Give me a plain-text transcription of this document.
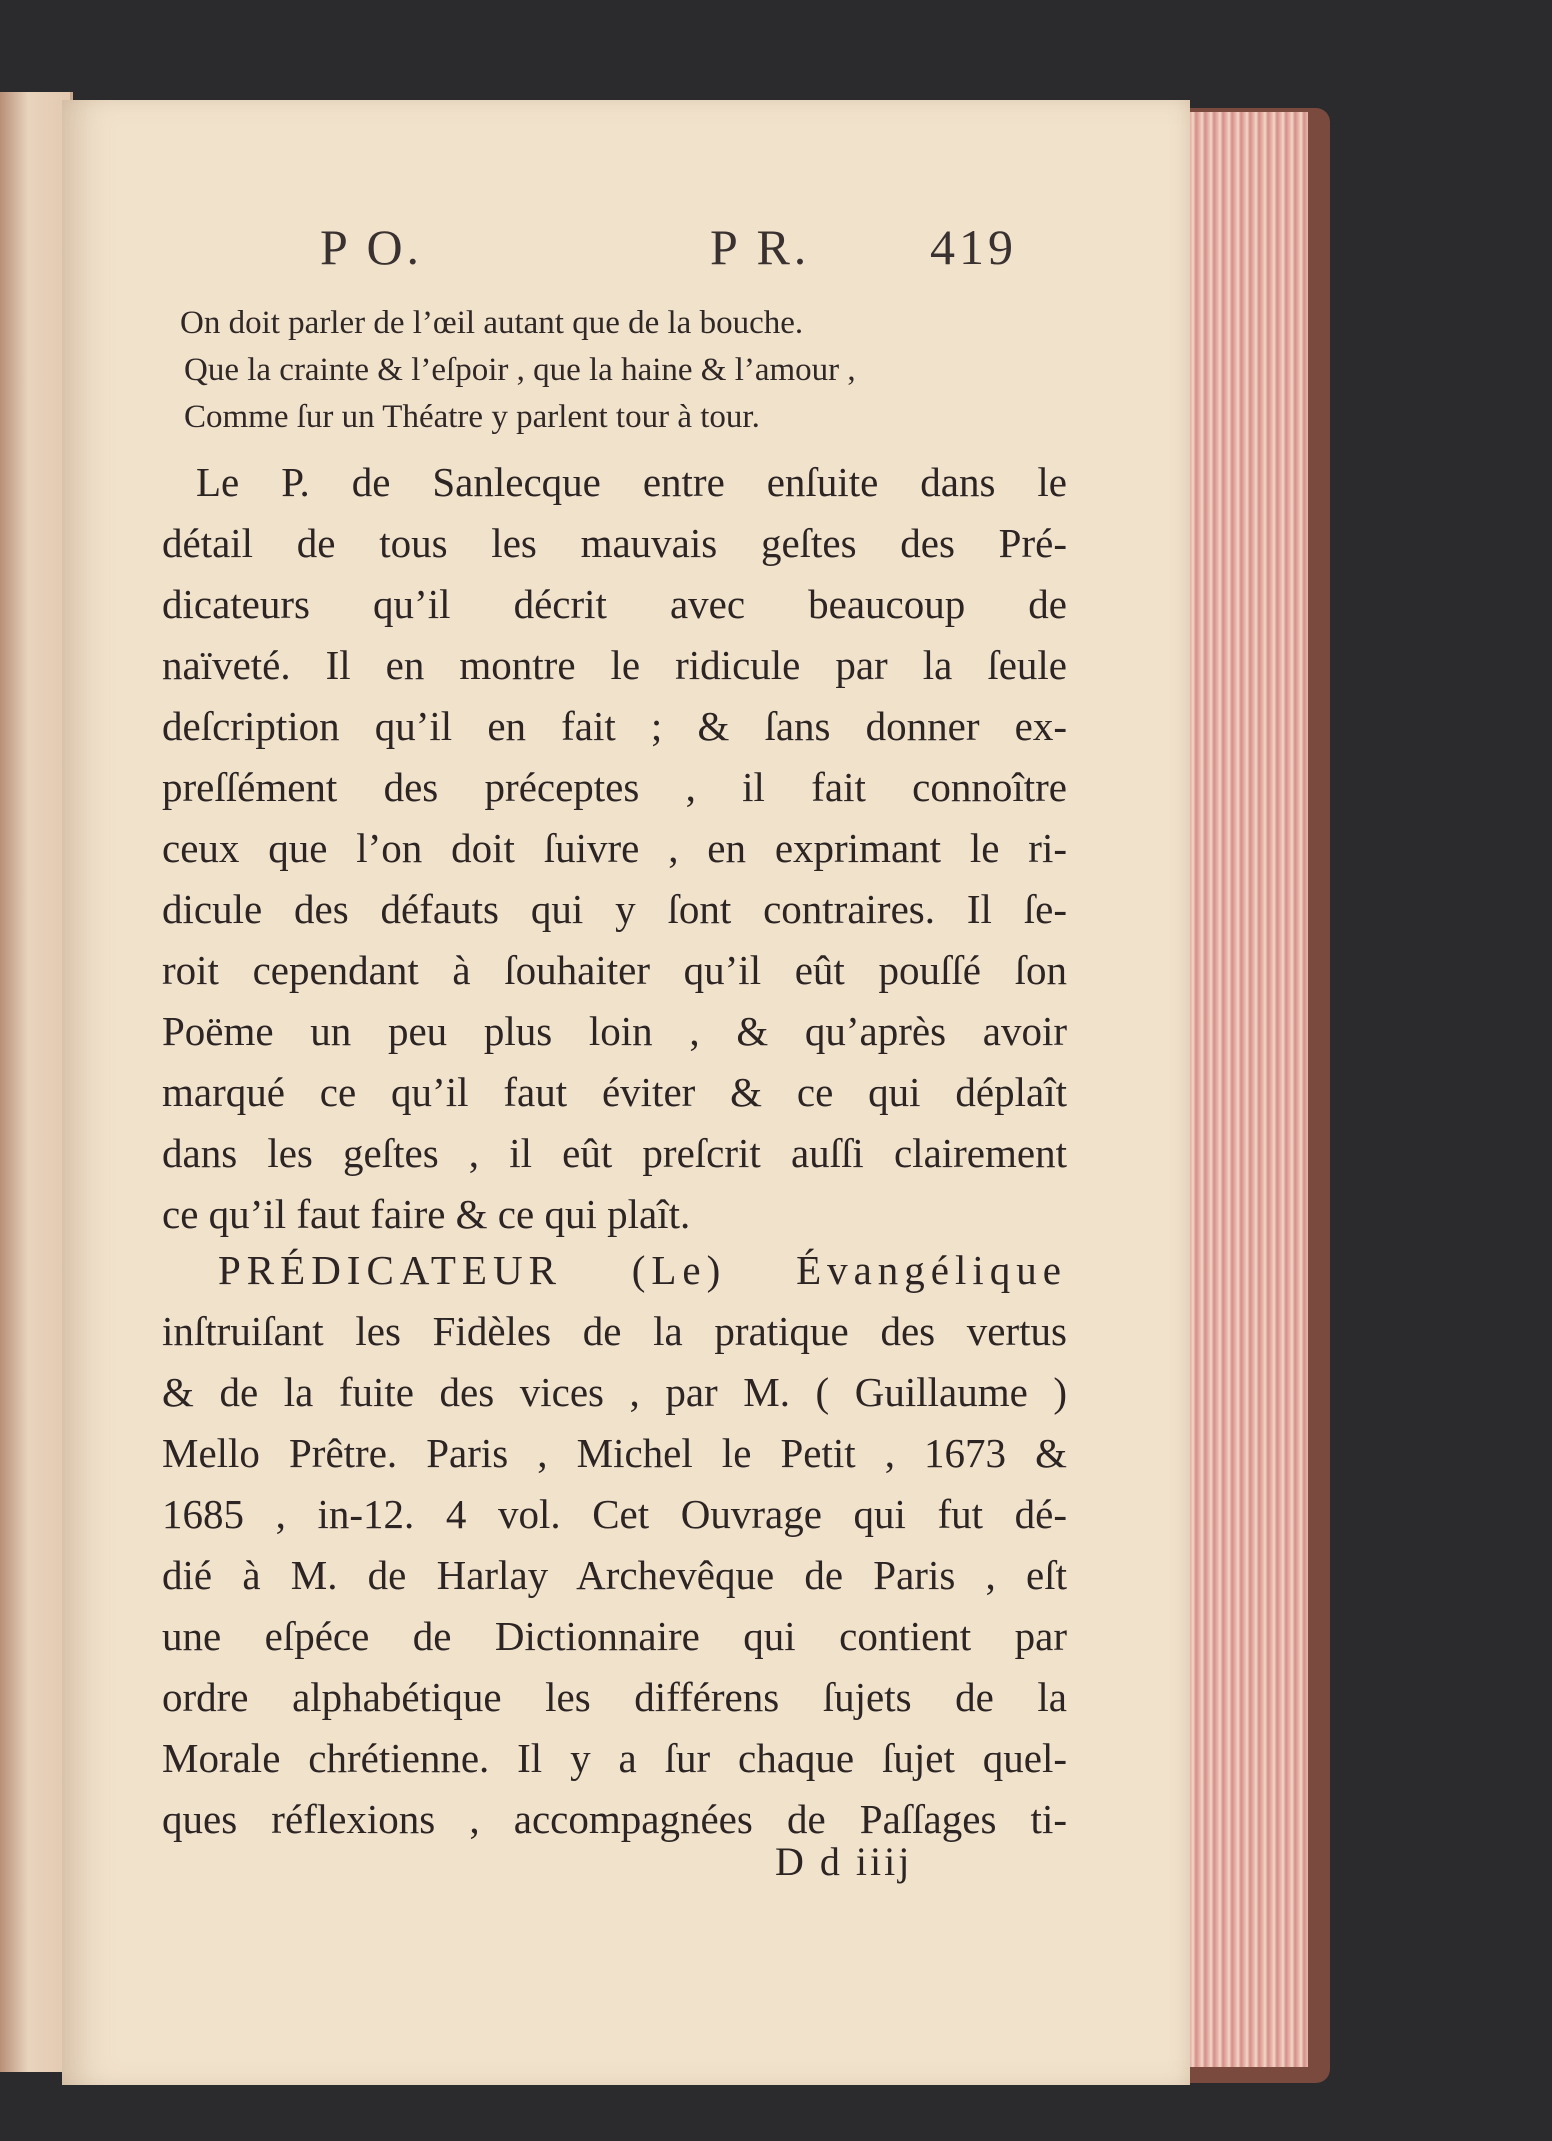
P O.	P R. 419
On doit parler de l’œil autant que de la bouche.
Que la crainte & l’eſpoir , que la haine & l’amour ,
Comme ſur un Théatre y parlent tour à tour.
Le P. de Sanlecque entre enſuite dans le
détail de tous les mauvais geſtes des Pré-
dicateurs qu’il décrit avec beaucoup de
naïveté. Il en montre le ridicule par la ſeule
deſcription qu’il en fait ; & ſans donner ex-
preſſément des préceptes , il fait connoître
ceux que l’on doit ſuivre , en exprimant le ri-
dicule des défauts qui y ſont contraires. Il ſe-
roit cependant à ſouhaiter qu’il eût pouſſé ſon
Poëme un peu plus loin , & qu’après avoir
marqué ce qu’il faut éviter & ce qui déplaît
dans les geſtes , il eût preſcrit auſſi clairement
ce qu’il faut faire & ce qui plaît.
PRÉDICATEUR (Le) Évangélique
inſtruiſant les Fidèles de la pratique des vertus
& de la fuite des vices , par M. ( Guillaume )
Mello Prêtre. Paris , Michel le Petit , 1673 &
1685 , in-12. 4 vol. Cet Ouvrage qui fut dé-
dié à M. de Harlay Archevêque de Paris , eſt
une eſpéce de Dictionnaire qui contient par
ordre alphabétique les différens ſujets de la
Morale chrétienne. Il y a ſur chaque ſujet quel-
ques réflexions , accompagnées de Paſſages ti-
D d iiij
